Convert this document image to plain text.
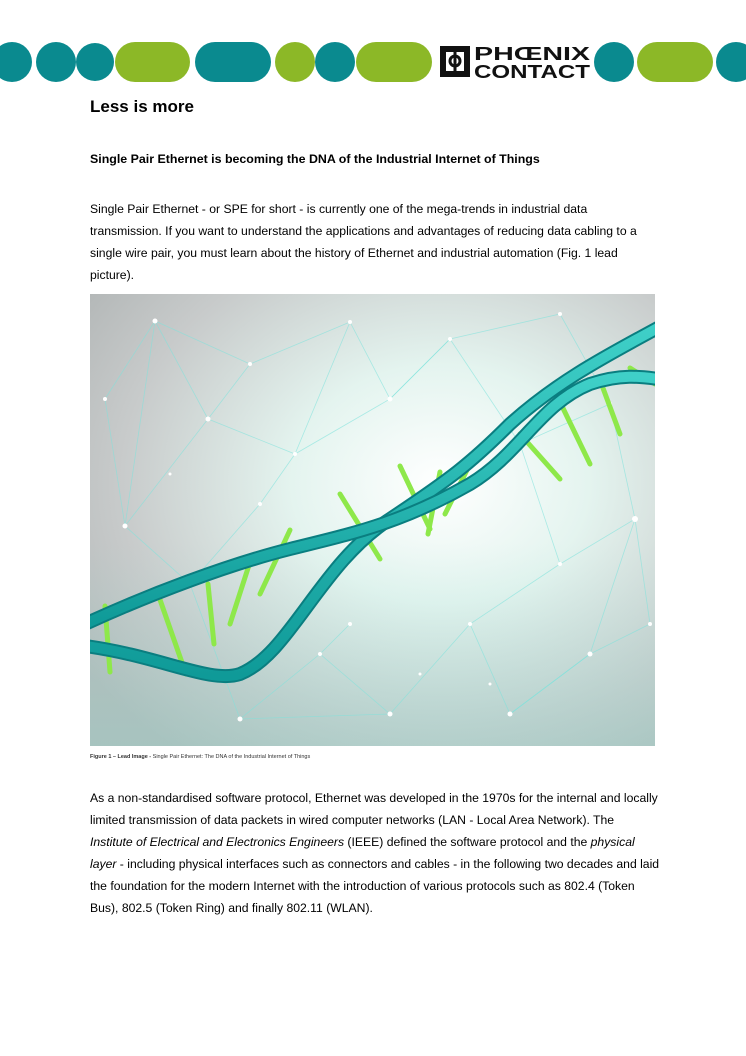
PHŒNIX
CONTACT
Less is more
Single Pair Ethernet is becoming the DNA of the Industrial Internet of Things

Single Pair Ethernet - or SPE for short - is currently one of the mega-trends in industrial data transmission. If you want to understand the applications and advantages of reducing data cabling to a single wire pair, you must learn about the history of Ethernet and industrial automation (Fig. 1 lead picture).

Figure 1 – Lead Image - Single Pair Ethernet: The DNA of the Industrial Internet of Things

As a non-standardised software protocol, Ethernet was developed in the 1970s for the internal and locally limited transmission of data packets in wired computer networks (LAN - Local Area Network). The Institute of Electrical and Electronics Engineers (IEEE) defined the software protocol and the physical layer - including physical interfaces such as connectors and cables - in the following two decades and laid the foundation for the modern Internet with the introduction of various protocols such as 802.4 (Token Bus), 802.5 (Token Ring) and finally 802.11 (WLAN).
